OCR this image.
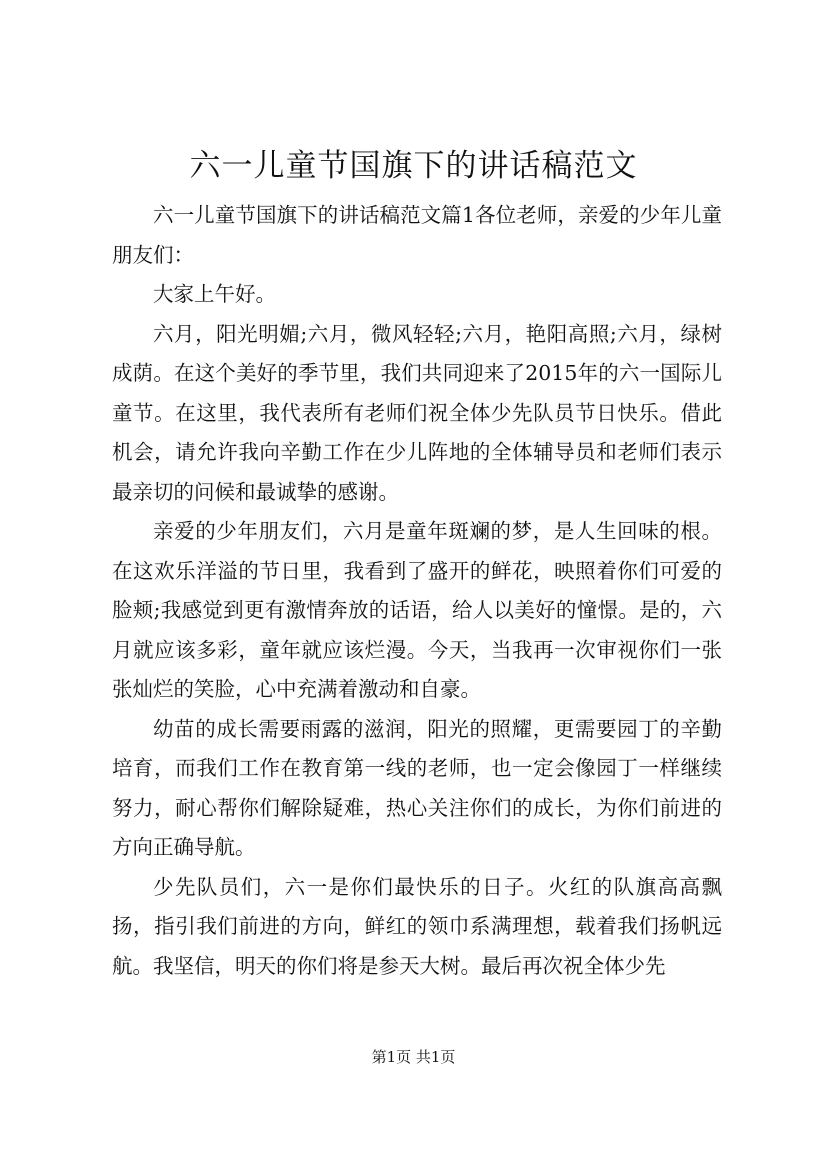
六一儿童节国旗下的讲话稿范文

六一儿童节国旗下的讲话稿范文篇1各位老师，亲爱的少年儿童朋友们：

大家上午好。

六月，阳光明媚;六月，微风轻轻;六月，艳阳高照;六月，绿树成荫。在这个美好的季节里，我们共同迎来了2015年的六一国际儿童节。在这里，我代表所有老师们祝全体少先队员节日快乐。借此机会，请允许我向辛勤工作在少儿阵地的全体辅导员和老师们表示最亲切的问候和最诚挚的感谢。

亲爱的少年朋友们，六月是童年斑斓的梦，是人生回味的根。在这欢乐洋溢的节日里，我看到了盛开的鲜花，映照着你们可爱的脸颊;我感觉到更有激情奔放的话语，给人以美好的憧憬。是的，六月就应该多彩，童年就应该烂漫。今天，当我再一次审视你们一张张灿烂的笑脸，心中充满着激动和自豪。

幼苗的成长需要雨露的滋润，阳光的照耀，更需要园丁的辛勤培育，而我们工作在教育第一线的老师，也一定会像园丁一样继续努力，耐心帮你们解除疑难，热心关注你们的成长，为你们前进的方向正确导航。

少先队员们，六一是你们最快乐的日子。火红的队旗高高飘扬，指引我们前进的方向，鲜红的领巾系满理想，载着我们扬帆远航。我坚信，明天的你们将是参天大树。最后再次祝全体少先

第1页 共1页
